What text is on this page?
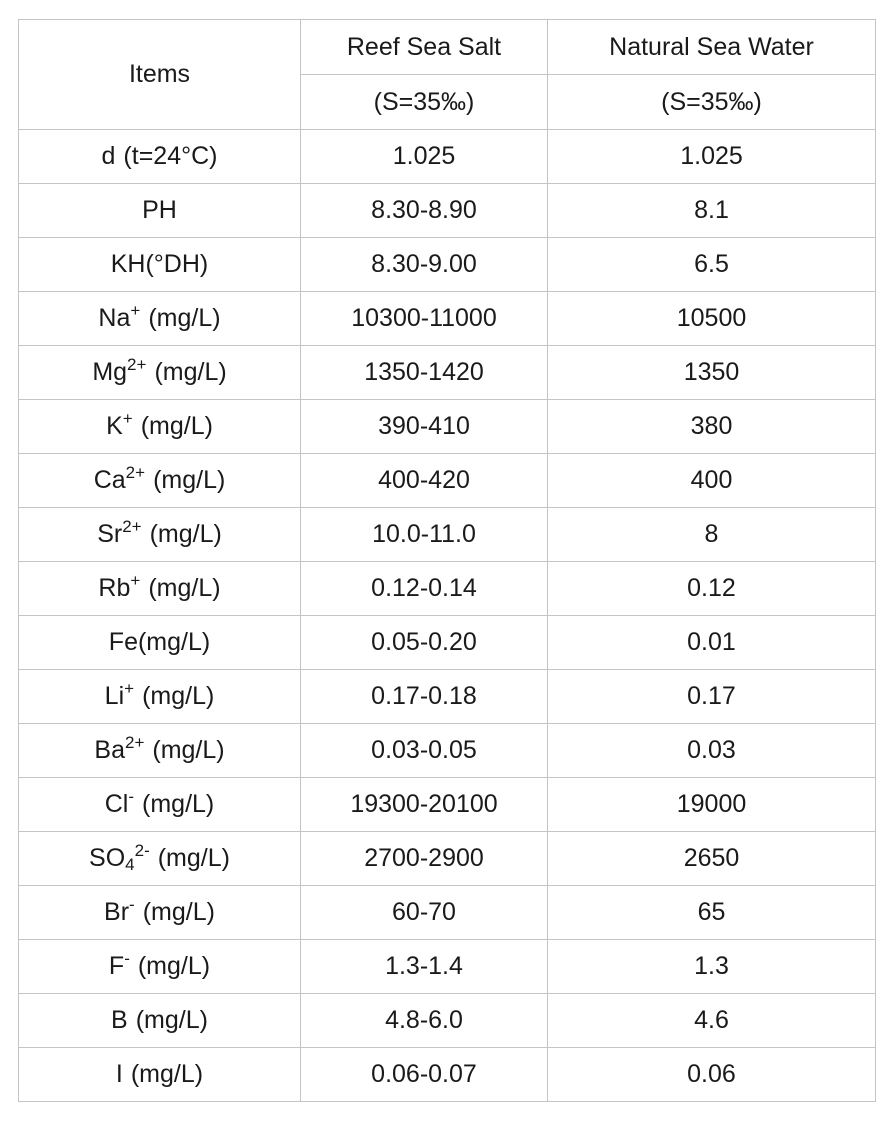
Items	Reef Sea Salt	Natural Sea Water
	(S=35‰)	(S=35‰)
d (t=24°C)	1.025	1.025
PH	8.30-8.90	8.1
KH(°DH)	8.30-9.00	6.5
Na+ (mg/L)	10300-11000	10500
$Mg^{2+}$ (mg/L)	1350-1420	1350
K+ (mg/L)	390-410	380
$Ca^{2+}$ (mg/L)	400-420	400
$Sr^{2+}$ (mg/L)	10.0-11.0	8
Rb+ (mg/L)	0.12-0.14	0.12
Fe(mg/L)	0.05-0.20	0.01
Li+ (mg/L)	0.17-0.18	0.17
$Ba^{2+}$ (mg/L)	0.03-0.05	0.03
Cl- (mg/L)	19300-20100	19000
$SO_4^{2-}$ (mg/L)	2700-2900	2650
Br- (mg/L)	60-70	65
F- (mg/L)	1.3-1.4	1.3
B (mg/L)	4.8-6.0	4.6
I (mg/L)	0.06-0.07	0.06
